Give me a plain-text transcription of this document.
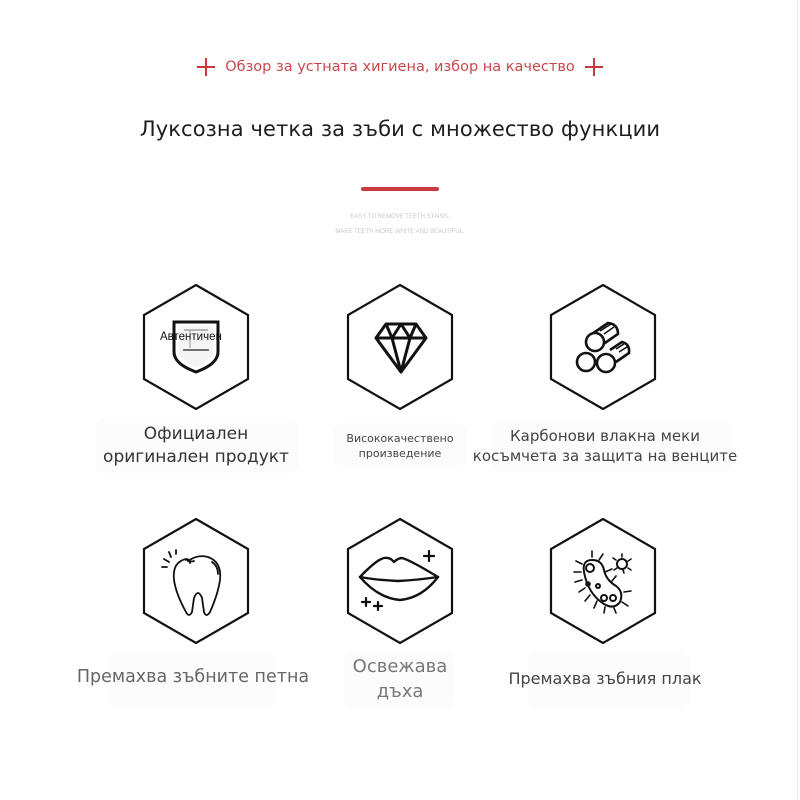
Обзор за устната хигиена, избор на качество
Луксозна четка за зъби с множество функции
EASY TO REMOVE TEETH STAINS,
MAKE TEETH MORE WHITE AND BEAUTIFUL.
Автентичен
Официален
оригинален продукт
Висококачествено
произведение
Карбонови влакна меки
косъмчета за защита на венците
Премахва зъбните петна	Освежава
дъха
Премахва зъбния плак
